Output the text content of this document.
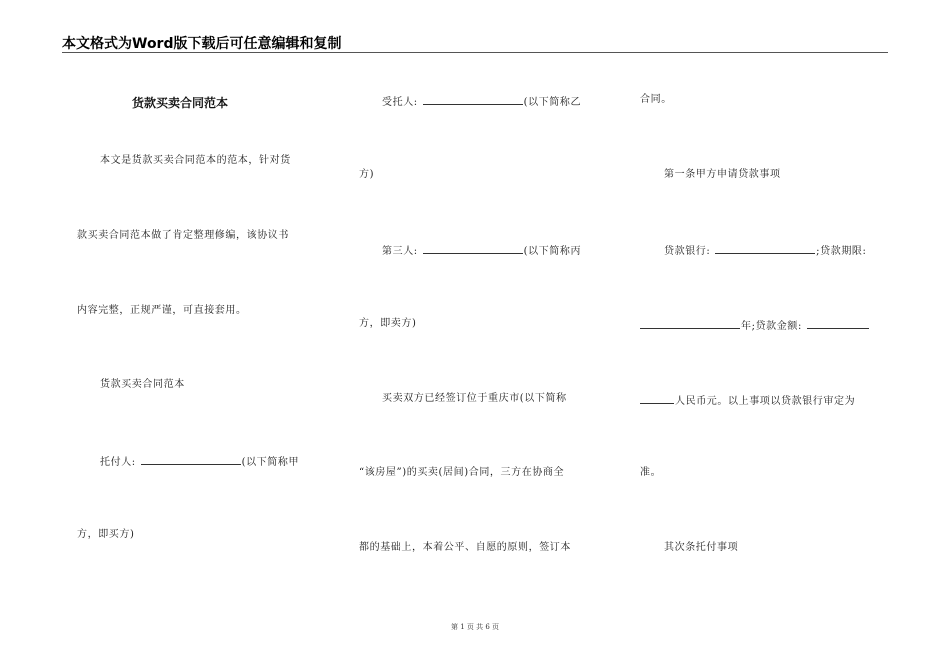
本文格式为Word版下载后可任意编辑和复制
货款买卖合同范本
本文是货款买卖合同范本的范本，针对货
款买卖合同范本做了肯定整理修编，该协议书
内容完整，正规严谨，可直接套用。
货款买卖合同范本
托付人:	(以下简称甲
方，即买方)
受托人:	(以下简称乙
方)
第三人:	(以下简称丙
方，即卖方)
买卖双方已经签订位于重庆市(以下简称
“该房屋”)的买卖(居间)合同，三方在协商全
都的基础上，本着公平、自愿的原则，签订本
合同。
第一条甲方申请贷款事项
贷款银行:	;贷款期限:
年;贷款金额:
人民币元。以上事项以贷款银行审定为
准。
其次条托付事项
第 1 页 共 6 页
